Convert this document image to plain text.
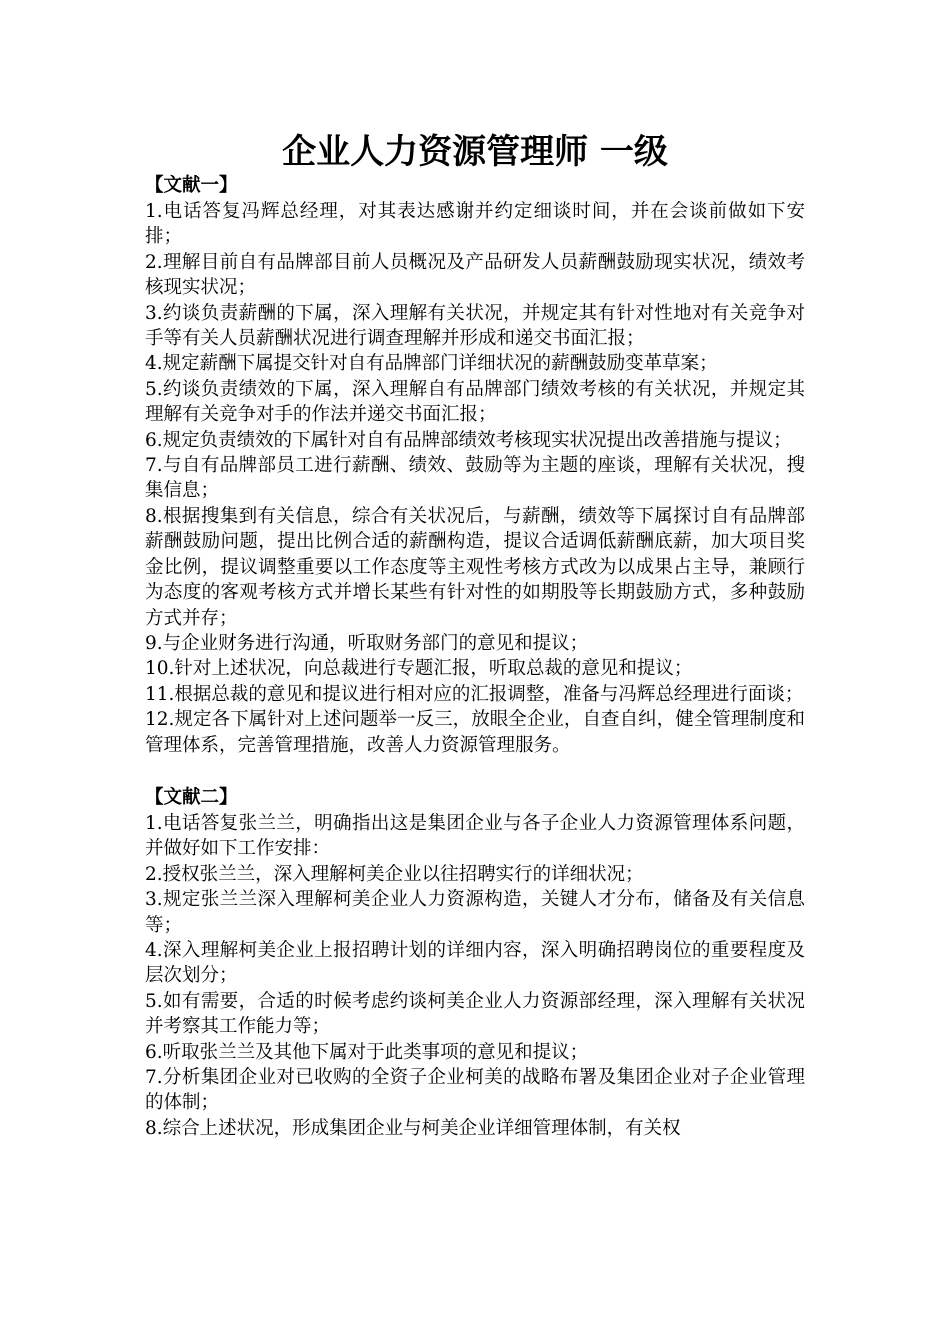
企业人力资源管理师 一级

【文献一】

1.电话答复冯辉总经理，对其表达感谢并约定细谈时间，并在会谈前做如下安排；

2.理解目前自有品牌部目前人员概况及产品研发人员薪酬鼓励现实状况，绩效考核现实状况；

3.约谈负责薪酬的下属，深入理解有关状况，并规定其有针对性地对有关竞争对手等有关人员薪酬状况进行调查理解并形成和递交书面汇报；

4.规定薪酬下属提交针对自有品牌部门详细状况的薪酬鼓励变革草案；

5.约谈负责绩效的下属，深入理解自有品牌部门绩效考核的有关状况，并规定其理解有关竞争对手的作法并递交书面汇报；

6.规定负责绩效的下属针对自有品牌部绩效考核现实状况提出改善措施与提议；

7.与自有品牌部员工进行薪酬、绩效、鼓励等为主题的座谈，理解有关状况，搜集信息；

8.根据搜集到有关信息，综合有关状况后，与薪酬，绩效等下属探讨自有品牌部薪酬鼓励问题，提出比例合适的薪酬构造，提议合适调低薪酬底薪，加大项目奖金比例，提议调整重要以工作态度等主观性考核方式改为以成果占主导，兼顾行为态度的客观考核方式并增长某些有针对性的如期股等长期鼓励方式，多种鼓励方式并存；

9.与企业财务进行沟通，听取财务部门的意见和提议；

10.针对上述状况，向总裁进行专题汇报，听取总裁的意见和提议；

11.根据总裁的意见和提议进行相对应的汇报调整，准备与冯辉总经理进行面谈；

12.规定各下属针对上述问题举一反三，放眼全企业，自查自纠，健全管理制度和管理体系，完善管理措施，改善人力资源管理服务。

【文献二】

1.电话答复张兰兰，明确指出这是集团企业与各子企业人力资源管理体系问题，并做好如下工作安排：

2.授权张兰兰，深入理解柯美企业以往招聘实行的详细状况；

3.规定张兰兰深入理解柯美企业人力资源构造，关键人才分布，储备及有关信息等；

4.深入理解柯美企业上报招聘计划的详细内容，深入明确招聘岗位的重要程度及层次划分；

5.如有需要，合适的时候考虑约谈柯美企业人力资源部经理，深入理解有关状况并考察其工作能力等；

6.听取张兰兰及其他下属对于此类事项的意见和提议；

7.分析集团企业对已收购的全资子企业柯美的战略布署及集团企业对子企业管理的体制；

8.综合上述状况，形成集团企业与柯美企业详细管理体制，有关权
